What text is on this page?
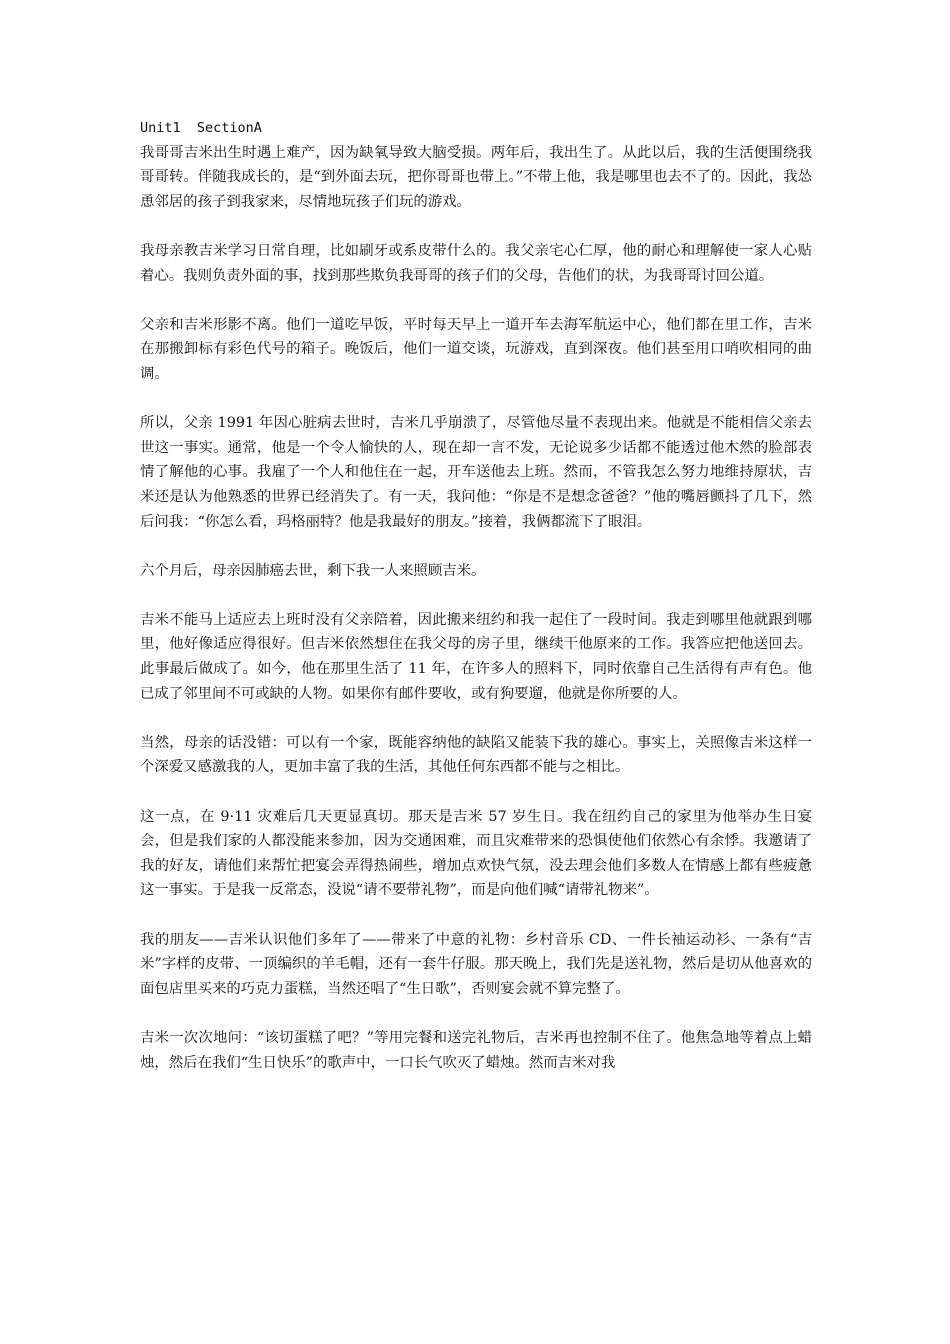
Unit1  SectionA

我哥哥吉米出生时遇上难产，因为缺氧导致大脑受损。两年后，我出生了。从此以后，我的生活便围绕我哥哥转。伴随我成长的，是“到外面去玩，把你哥哥也带上。”不带上他，我是哪里也去不了的。因此，我怂恿邻居的孩子到我家来，尽情地玩孩子们玩的游戏。

我母亲教吉米学习日常自理，比如刷牙或系皮带什么的。我父亲宅心仁厚，他的耐心和理解使一家人心贴着心。我则负责外面的事，找到那些欺负我哥哥的孩子们的父母，告他们的状，为我哥哥讨回公道。

父亲和吉米形影不离。他们一道吃早饭，平时每天早上一道开车去海军航运中心，他们都在里工作，吉米在那搬卸标有彩色代号的箱子。晚饭后，他们一道交谈，玩游戏，直到深夜。他们甚至用口哨吹相同的曲调。

所以，父亲 1991 年因心脏病去世时，吉米几乎崩溃了，尽管他尽量不表现出来。他就是不能相信父亲去世这一事实。通常，他是一个令人愉快的人，现在却一言不发，无论说多少话都不能透过他木然的脸部表情了解他的心事。我雇了一个人和他住在一起，开车送他去上班。然而，不管我怎么努力地维持原状，吉米还是认为他熟悉的世界已经消失了。有一天，我问他：“你是不是想念爸爸？”他的嘴唇颤抖了几下，然后问我：“你怎么看，玛格丽特？他是我最好的朋友。”接着，我俩都流下了眼泪。

六个月后，母亲因肺癌去世，剩下我一人来照顾吉米。

吉米不能马上适应去上班时没有父亲陪着，因此搬来纽约和我一起住了一段时间。我走到哪里他就跟到哪里，他好像适应得很好。但吉米依然想住在我父母的房子里，继续干他原来的工作。我答应把他送回去。此事最后做成了。如今，他在那里生活了 11 年，在许多人的照料下，同时依靠自己生活得有声有色。他已成了邻里间不可或缺的人物。如果你有邮件要收，或有狗要遛，他就是你所要的人。

当然，母亲的话没错：可以有一个家，既能容纳他的缺陷又能装下我的雄心。事实上，关照像吉米这样一个深爱又感激我的人，更加丰富了我的生活，其他任何东西都不能与之相比。

这一点，在 9·11 灾难后几天更显真切。那天是吉米 57 岁生日。我在纽约自己的家里为他举办生日宴会，但是我们家的人都没能来参加，因为交通困难，而且灾难带来的恐惧使他们依然心有余悸。我邀请了我的好友，请他们来帮忙把宴会弄得热闹些，增加点欢快气氛，没去理会他们多数人在情感上都有些疲惫这一事实。于是我一反常态，没说“请不要带礼物”，而是向他们喊“请带礼物来”。

我的朋友——吉米认识他们多年了——带来了中意的礼物：乡村音乐 CD、一件长袖运动衫、一条有“吉米”字样的皮带、一顶编织的羊毛帽，还有一套牛仔服。那天晚上，我们先是送礼物，然后是切从他喜欢的面包店里买来的巧克力蛋糕，当然还唱了“生日歌”，否则宴会就不算完整了。

吉米一次次地问：“该切蛋糕了吧？”等用完餐和送完礼物后，吉米再也控制不住了。他焦急地等着点上蜡烛，然后在我们“生日快乐”的歌声中，一口长气吹灭了蜡烛。然而吉米对我
